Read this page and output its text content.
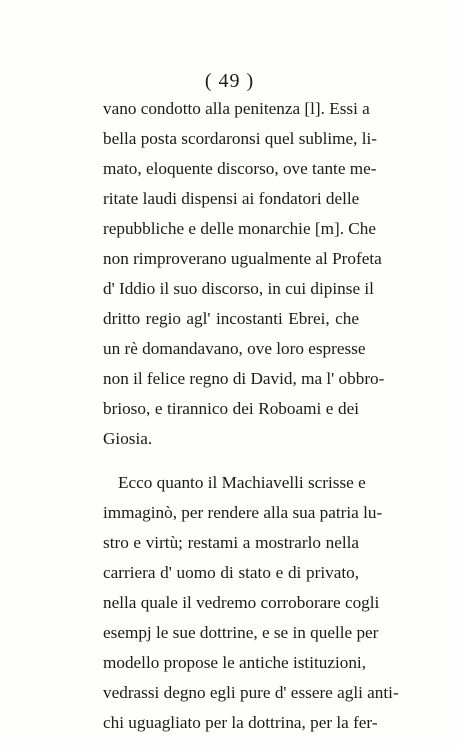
( 49 )
vano condotto alla penitenza [l]. Essi a
bella posta scordaronsi quel sublime, li-
mato, eloquente discorso, ove tante me-
ritate laudi dispensi ai fondatori delle
repubbliche e delle monarchie [m]. Che
non rimproverano ugualmente al Profeta
d' Iddio il suo discorso, in cui dipinse il
dritto regio agl' incostanti Ebrei, che
un rè domandavano, ove loro espresse
non il felice regno di David, ma l' obbro-
brioso, e tirannico dei Roboami e dei
Giosia.
Ecco quanto il Machiavelli scrisse e
immaginò, per rendere alla sua patria lu-
stro e virtù; restami a mostrarlo nella
carriera d' uomo di stato e di privato,
nella quale il vedremo corroborare cogli
esempj le sue dottrine, e se in quelle per
modello propose le antiche istituzioni,
vedrassi degno egli pure d' essere agli anti-
chi uguagliato per la dottrina, per la fer-
